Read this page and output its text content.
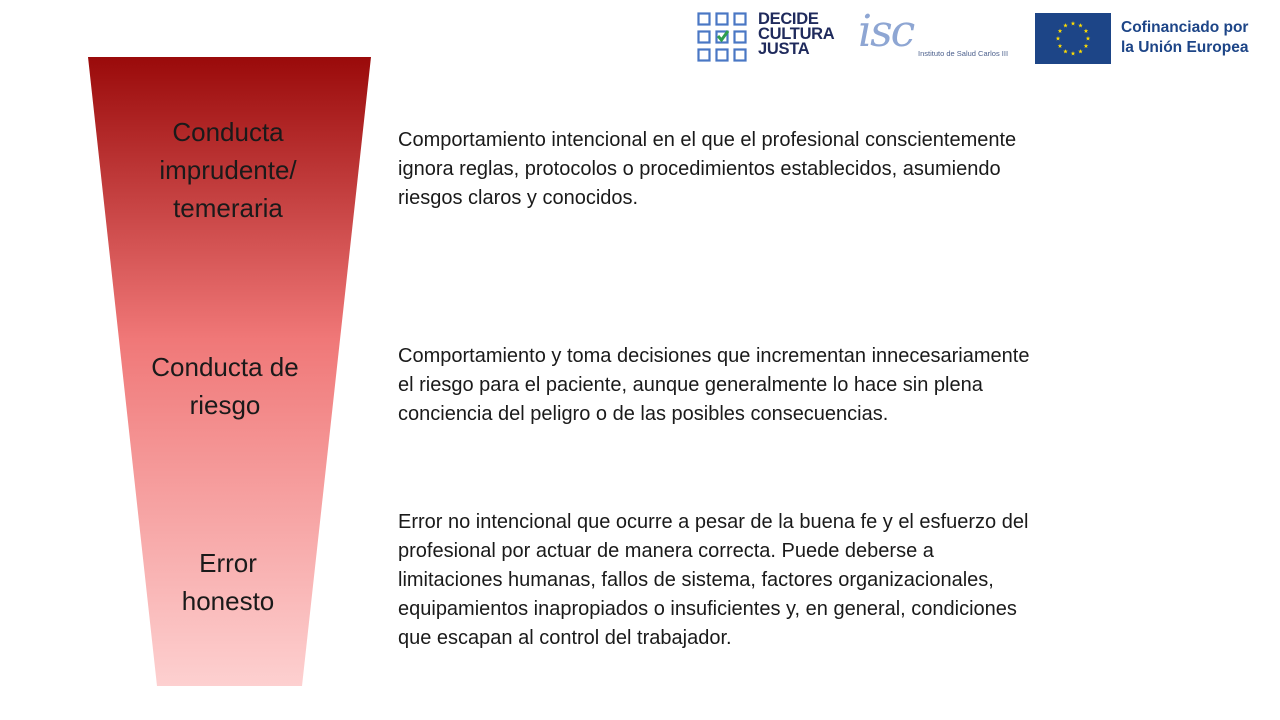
DECIDE
CULTURA
JUSTA	isc Instituto de Salud Carlos III
Cofinanciado por
la Unión Europea
Conducta
imprudente/
temeraria
Conducta de
riesgo
Error
honesto
Comportamiento intencional en el que el profesional conscientemente
ignora reglas, protocolos o procedimientos establecidos, asumiendo
riesgos claros y conocidos.
Comportamiento y toma decisiones que incrementan innecesariamente
el riesgo para el paciente, aunque generalmente lo hace sin plena
conciencia del peligro o de las posibles consecuencias.
Error no intencional que ocurre a pesar de la buena fe y el esfuerzo del
profesional por actuar de manera correcta. Puede deberse a
limitaciones humanas, fallos de sistema, factores organizacionales,
equipamientos inapropiados o insuficientes y, en general, condiciones
que escapan al control del trabajador.
